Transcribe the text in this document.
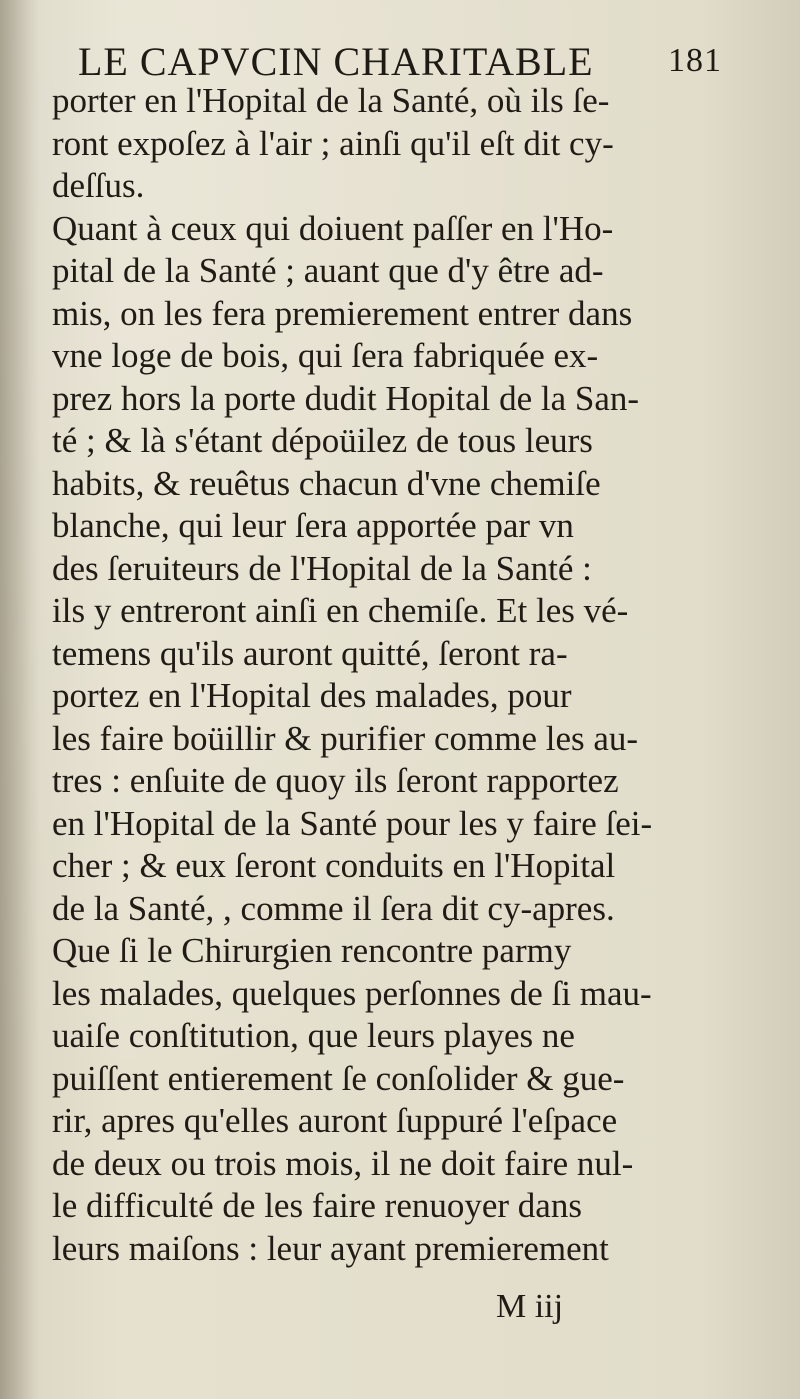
LE CAPVCIN CHARITABLE 181
porter en l'Hopital de la Santé, où ils ſe-
ront expoſez à l'air ; ainſi qu'il eſt dit cy-
deſſus.
Quant à ceux qui doiuent paſſer en l'Ho-
pital de la Santé ; auant que d'y être ad-
mis, on les fera premierement entrer dans
vne loge de bois, qui ſera fabriquée ex-
prez hors la porte dudit Hopital de la San-
té ; & là s'étant dépoüilez de tous leurs
habits, & reuêtus chacun d'vne chemiſe
blanche, qui leur ſera apportée par vn
des ſeruiteurs de l'Hopital de la Santé :
ils y entreront ainſi en chemiſe. Et les vé-
temens qu'ils auront quitté, ſeront ra-
portez en l'Hopital des malades, pour
les faire boüillir & purifier comme les au-
tres : enſuite de quoy ils ſeront rapportez
en l'Hopital de la Santé pour les y faire ſei-
cher ; & eux ſeront conduits en l'Hopital
de la Santé, , comme il ſera dit cy-apres.
Que ſi le Chirurgien rencontre parmy
les malades, quelques perſonnes de ſi mau-
uaiſe conſtitution, que leurs playes ne
puiſſent entierement ſe conſolider & gue-
rir, apres qu'elles auront ſuppuré l'eſpace
de deux ou trois mois, il ne doit faire nul-
le difficulté de les faire renuoyer dans
leurs maiſons : leur ayant premierement
M iij
